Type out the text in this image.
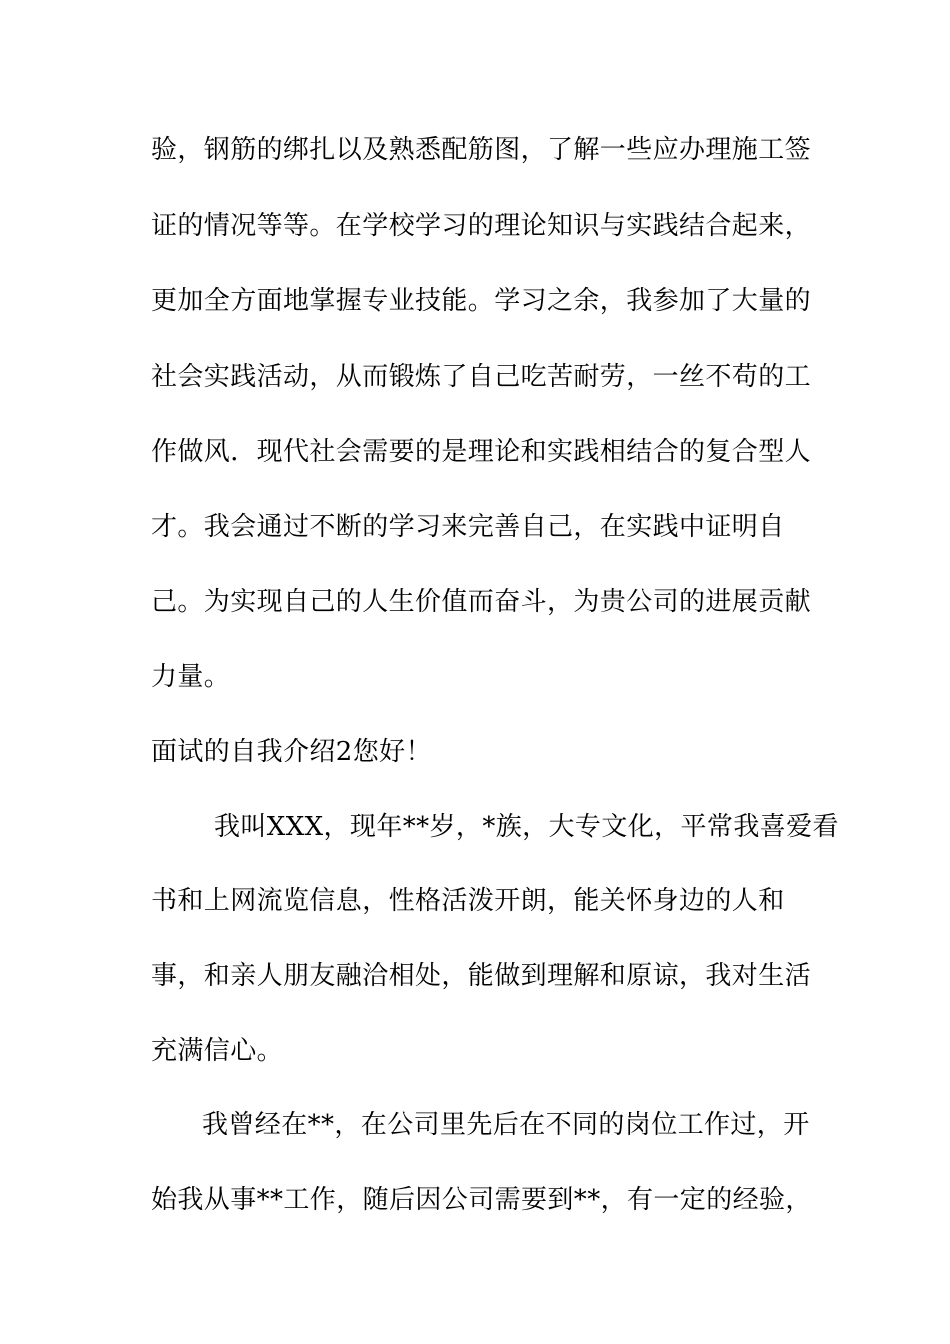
验，钢筋的绑扎以及熟悉配筋图，了解一些应办理施工签
证的情况等等。在学校学习的理论知识与实践结合起来，
更加全方面地掌握专业技能。学习之余，我参加了大量的
社会实践活动，从而锻炼了自己吃苦耐劳，一丝不苟的工
作做风．现代社会需要的是理论和实践相结合的复合型人
才。我会通过不断的学习来完善自己，在实践中证明自
己。为实现自己的人生价值而奋斗，为贵公司的进展贡献
力量。
面试的自我介绍2您好！
我叫XXX，现年**岁，*族，大专文化，平常我喜爱看
书和上网流览信息，性格活泼开朗，能关怀身边的人和
事，和亲人朋友融洽相处，能做到理解和原谅，我对生活
充满信心。
我曾经在**，在公司里先后在不同的岗位工作过，开
始我从事**工作，随后因公司需要到**，有一定的经验，
